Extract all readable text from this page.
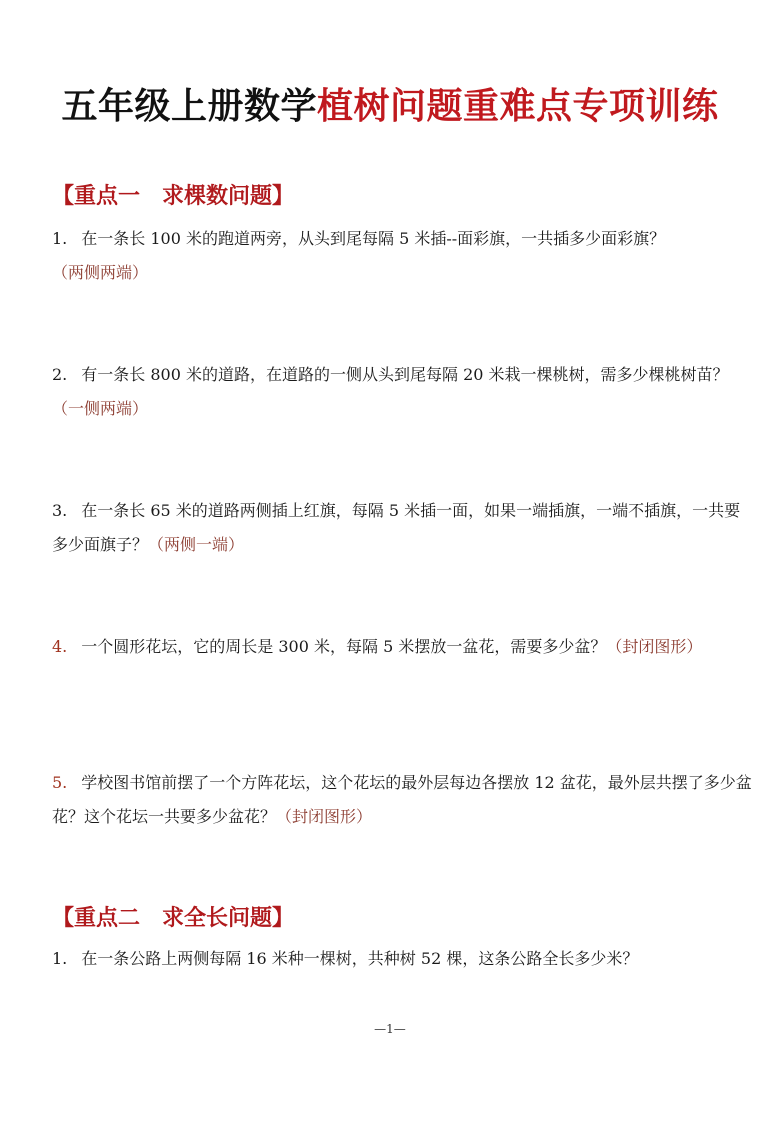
五年级上册数学植树问题重难点专项训练
【重点一 求棵数问题】
1. 在一条长 100 米的跑道两旁，从头到尾每隔 5 米插--面彩旗，一共插多少面彩旗？
（两侧两端）
2. 有一条长 800 米的道路，在道路的一侧从头到尾每隔 20 米栽一棵桃树，需多少棵桃树苗？（一侧两端）
3. 在一条长 65 米的道路两侧插上红旗，每隔 5 米插一面，如果一端插旗，一端不插旗，一共要多少面旗子？（两侧一端）
4. 一个圆形花坛，它的周长是 300 米，每隔 5 米摆放一盆花，需要多少盆？（封闭图形）
5. 学校图书馆前摆了一个方阵花坛，这个花坛的最外层每边各摆放 12 盆花，最外层共摆了多少盆花？这个花坛一共要多少盆花？（封闭图形）
【重点二 求全长问题】
1. 在一条公路上两侧每隔 16 米种一棵树，共种树 52 棵，这条公路全长多少米？
—1—
